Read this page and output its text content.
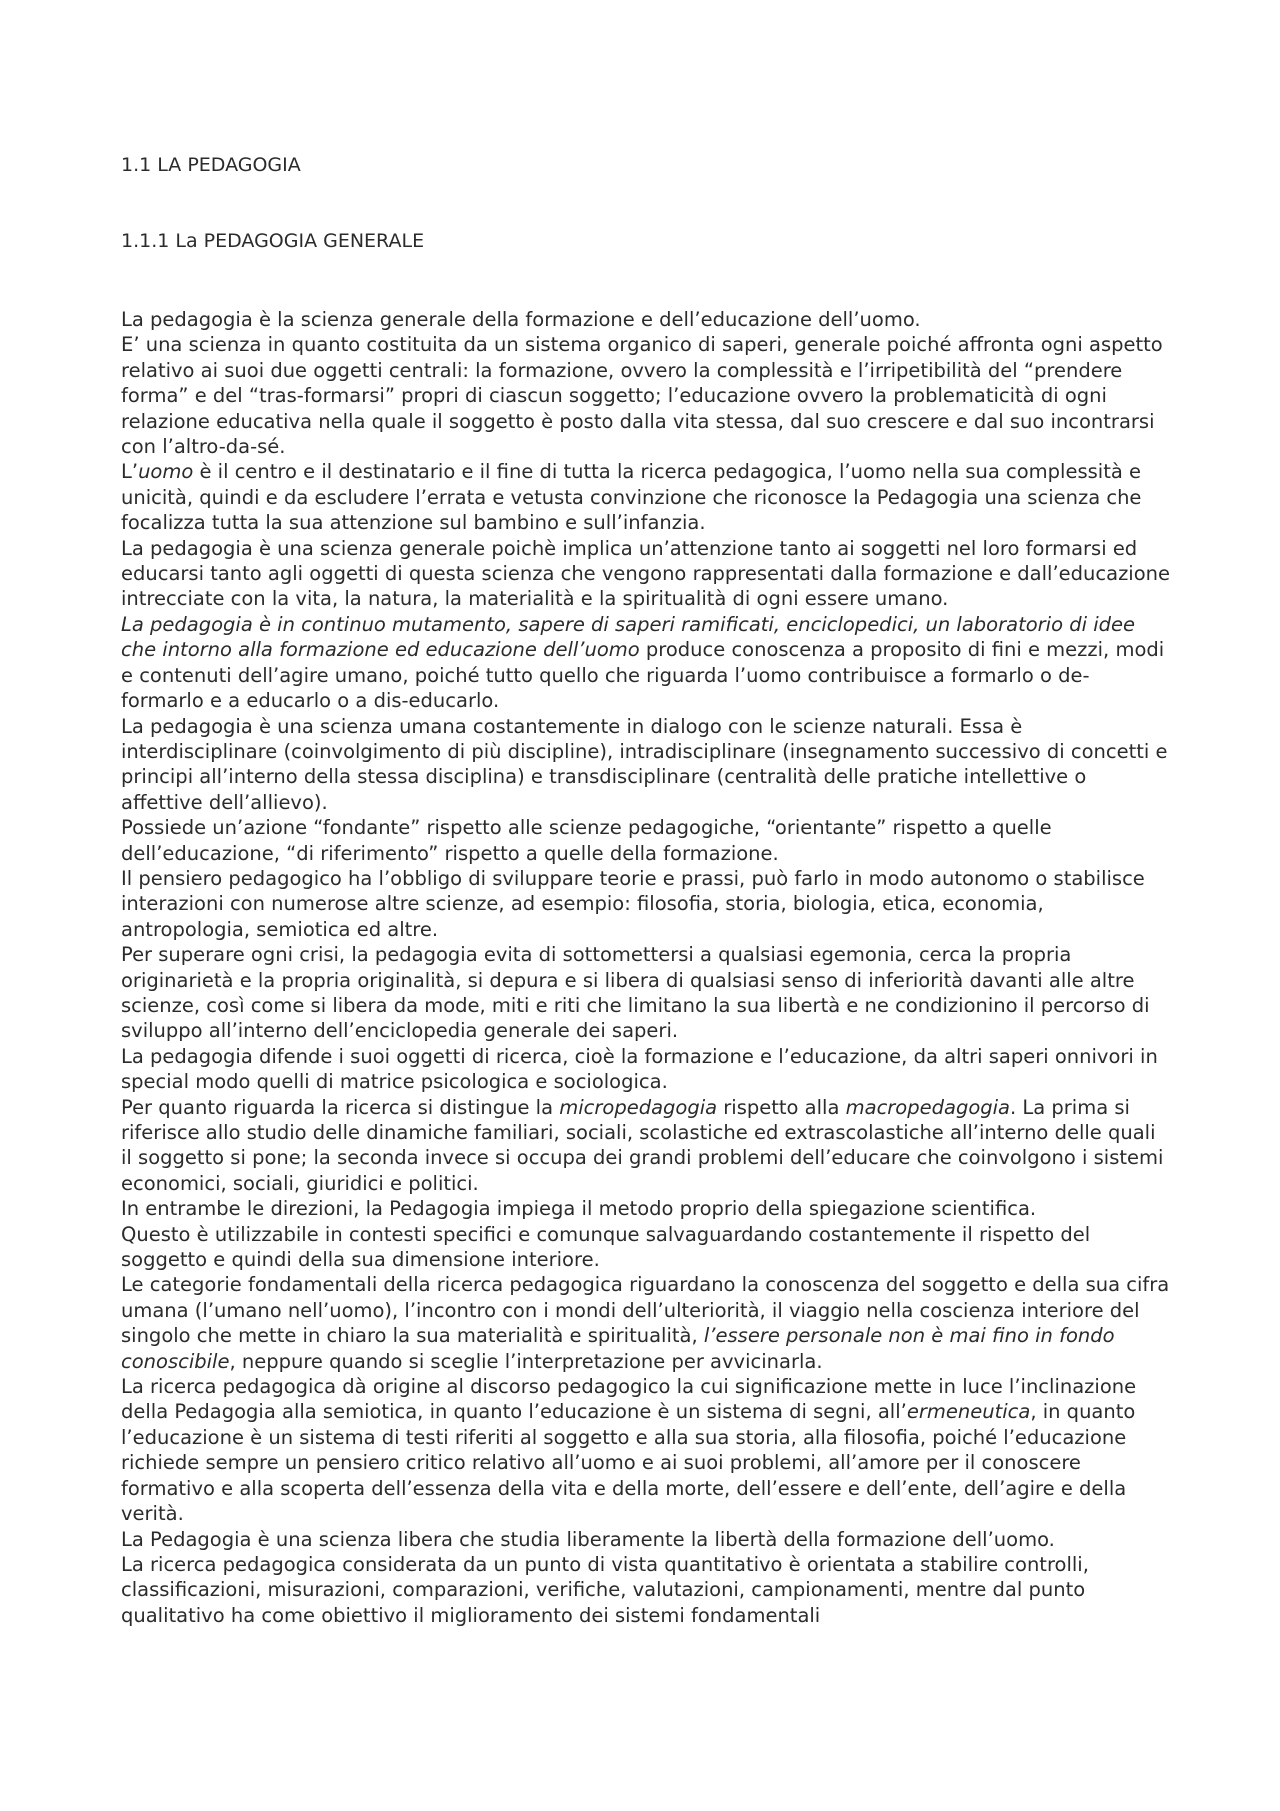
1.1 LA PEDAGOGIA
1.1.1 La PEDAGOGIA GENERALE

La pedagogia è la scienza generale della formazione e dell’educazione dell’uomo.

E’ una scienza in quanto costituita da un sistema organico di saperi, generale poiché affronta ogni aspetto relativo ai suoi due oggetti centrali: la formazione, ovvero la complessità e l’irripetibilità del “prendere forma” e del “tras-formarsi” propri di ciascun soggetto; l’educazione ovvero la problematicità di ogni relazione educativa nella quale il soggetto è posto dalla vita stessa, dal suo crescere e dal suo incontrarsi con l’altro-da-sé.

L’uomo è il centro e il destinatario e il fine di tutta la ricerca pedagogica, l’uomo nella sua complessità e unicità, quindi e da escludere l’errata e vetusta convinzione che riconosce la Pedagogia una scienza che focalizza tutta la sua attenzione sul bambino e sull’infanzia.

La pedagogia è una scienza generale poichè implica un’attenzione tanto ai soggetti nel loro formarsi ed educarsi tanto agli oggetti di questa scienza che vengono rappresentati dalla formazione e dall’educazione intrecciate con la vita, la natura, la materialità e la spiritualità di ogni essere umano.

La pedagogia è in continuo mutamento, sapere di saperi ramificati, enciclopedici, un laboratorio di idee che intorno alla formazione ed educazione dell’uomo produce conoscenza a proposito di fini e mezzi, modi e contenuti dell’agire umano, poiché tutto quello che riguarda l’uomo contribuisce a formarlo o de-formarlo e a educarlo o a dis-educarlo.

La pedagogia è una scienza umana costantemente in dialogo con le scienze naturali. Essa è interdisciplinare (coinvolgimento di più discipline), intradisciplinare (insegnamento successivo di concetti e principi all’interno della stessa disciplina) e transdisciplinare (centralità delle pratiche intellettive o affettive dell’allievo).

Possiede un’azione “fondante” rispetto alle scienze pedagogiche, “orientante” rispetto a quelle dell’educazione, “di riferimento” rispetto a quelle della formazione.

Il pensiero pedagogico ha l’obbligo di sviluppare teorie e prassi, può farlo in modo autonomo o stabilisce interazioni con numerose altre scienze, ad esempio: filosofia, storia, biologia, etica, economia, antropologia, semiotica ed altre.

Per superare ogni crisi, la pedagogia evita di sottomettersi a qualsiasi egemonia, cerca la propria originarietà e la propria originalità, si depura e si libera di qualsiasi senso di inferiorità davanti alle altre scienze, così come si libera da mode, miti e riti che limitano la sua libertà e ne condizionino il percorso di sviluppo all’interno dell’enciclopedia generale dei saperi.

La pedagogia difende i suoi oggetti di ricerca, cioè la formazione e l’educazione, da altri saperi onnivori in special modo quelli di matrice psicologica e sociologica.

Per quanto riguarda la ricerca si distingue la micropedagogia rispetto alla macropedagogia. La prima si riferisce allo studio delle dinamiche familiari, sociali, scolastiche ed extrascolastiche all’interno delle quali il soggetto si pone; la seconda invece si occupa dei grandi problemi dell’educare che coinvolgono i sistemi economici, sociali, giuridici e politici.

In entrambe le direzioni, la Pedagogia impiega il metodo proprio della spiegazione scientifica.

Questo è utilizzabile in contesti specifici e comunque salvaguardando costantemente il rispetto del soggetto e quindi della sua dimensione interiore.

Le categorie fondamentali della ricerca pedagogica riguardano la conoscenza del soggetto e della sua cifra umana (l’umano nell’uomo), l’incontro con i mondi dell’ulteriorità, il viaggio nella coscienza interiore del singolo che mette in chiaro la sua materialità e spiritualità, l’essere personale non è mai fino in fondo conoscibile, neppure quando si sceglie l’interpretazione per avvicinarla.

La ricerca pedagogica dà origine al discorso pedagogico la cui significazione mette in luce l’inclinazione della Pedagogia alla semiotica, in quanto l’educazione è un sistema di segni, all’ermeneutica, in quanto l’educazione è un sistema di testi riferiti al soggetto e alla sua storia, alla filosofia, poiché l’educazione richiede sempre un pensiero critico relativo all’uomo e ai suoi problemi, all’amore per il conoscere formativo e alla scoperta dell’essenza della vita e della morte, dell’essere e dell’ente, dell’agire e della verità.

La Pedagogia è una scienza libera che studia liberamente la libertà della formazione dell’uomo.

La ricerca pedagogica considerata da un punto di vista quantitativo è orientata a stabilire controlli, classificazioni, misurazioni, comparazioni, verifiche, valutazioni, campionamenti, mentre dal punto qualitativo ha come obiettivo il miglioramento dei sistemi fondamentali
